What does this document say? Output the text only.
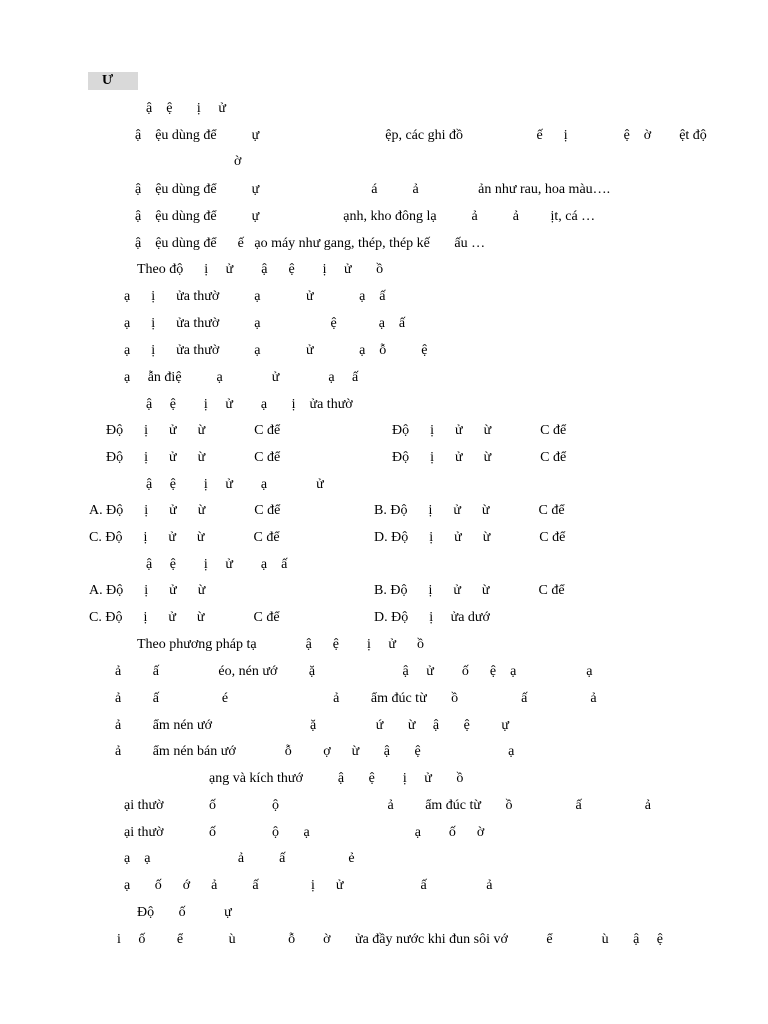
Ư
ậ    ệ       ị     ử
ậ    ệu dùng để          ự                                    ệp, các ghi đồ                     ế      ị                ệ    ờ        ệt độ
ờ
ậ    ệu dùng để          ự                                á          ả                 ản như rau, hoa màu….
ậ    ệu dùng để          ự                        ạnh, kho đông lạ          ả          ả         ịt, cá …
ậ    ệu dùng để      ế   ạo máy như gang, thép, thép kế       ấu …
Theo độ      ị     ử        ậ      ệ        ị     ử       ồ
ạ      ị      ửa thườ          ạ             ử             ạ    ấ
ạ      ị      ửa thườ          ạ                    ệ            ạ    ấ
ạ      ị      ửa thườ          ạ             ử             ạ    ỗ          ệ
ạ     ẫn điệ          ạ              ử              ạ     ấ
ậ     ệ        ị     ử        ạ       ị    ửa thườ
Độ      ị      ử      ừ              C để	Độ      ị      ử      ừ              C để
Độ      ị      ử      ừ              C để	Độ      ị      ử      ừ              C để
ậ     ệ        ị     ử        ạ              ử
A. Độ      ị      ử      ừ              C để	B. Độ      ị      ử      ừ              C để
C. Độ      ị      ử      ừ              C để	D. Độ      ị      ử      ừ              C để
ậ     ệ        ị     ử        ạ    ấ
A. Độ      ị      ử      ừ	B. Độ      ị      ử      ừ              C để
C. Độ      ị      ử      ừ              C để	D. Độ      ị     ửa dướ
Theo phương pháp tạ              ậ      ệ        ị     ử      ồ
ả         ấ                 éo, nén ướ         ặ                         ậ     ử        ố      ệ    ạ                    ạ
ả         ấ                  é                              ả         ẩm đúc từ       ồ                  ấ                  ả
ả         ẩm nén ướ                            ặ                 ứ       ừ     ậ       ệ         ự
ả         ẩm nén bán ướ              ỗ         ợ      ừ       ậ       ệ                         ạ
ạng và kích thướ          ậ       ệ        ị     ử       ồ
ại thườ             ố                ộ                               ả         ẩm đúc từ       ồ                  ấ                  ả
ại thườ             ố                ộ       ạ                              ạ        ố      ờ
ạ    ạ                         ả          ấ                  ẻ
ạ       ố      ớ      ả          ấ               ị      ử                      ấ                 ả
Độ       ố           ự
i     ố         ể             ù               ỗ        ờ       ửa đầy nước khi đun sôi vớ           ể              ù       ậ     ệ
